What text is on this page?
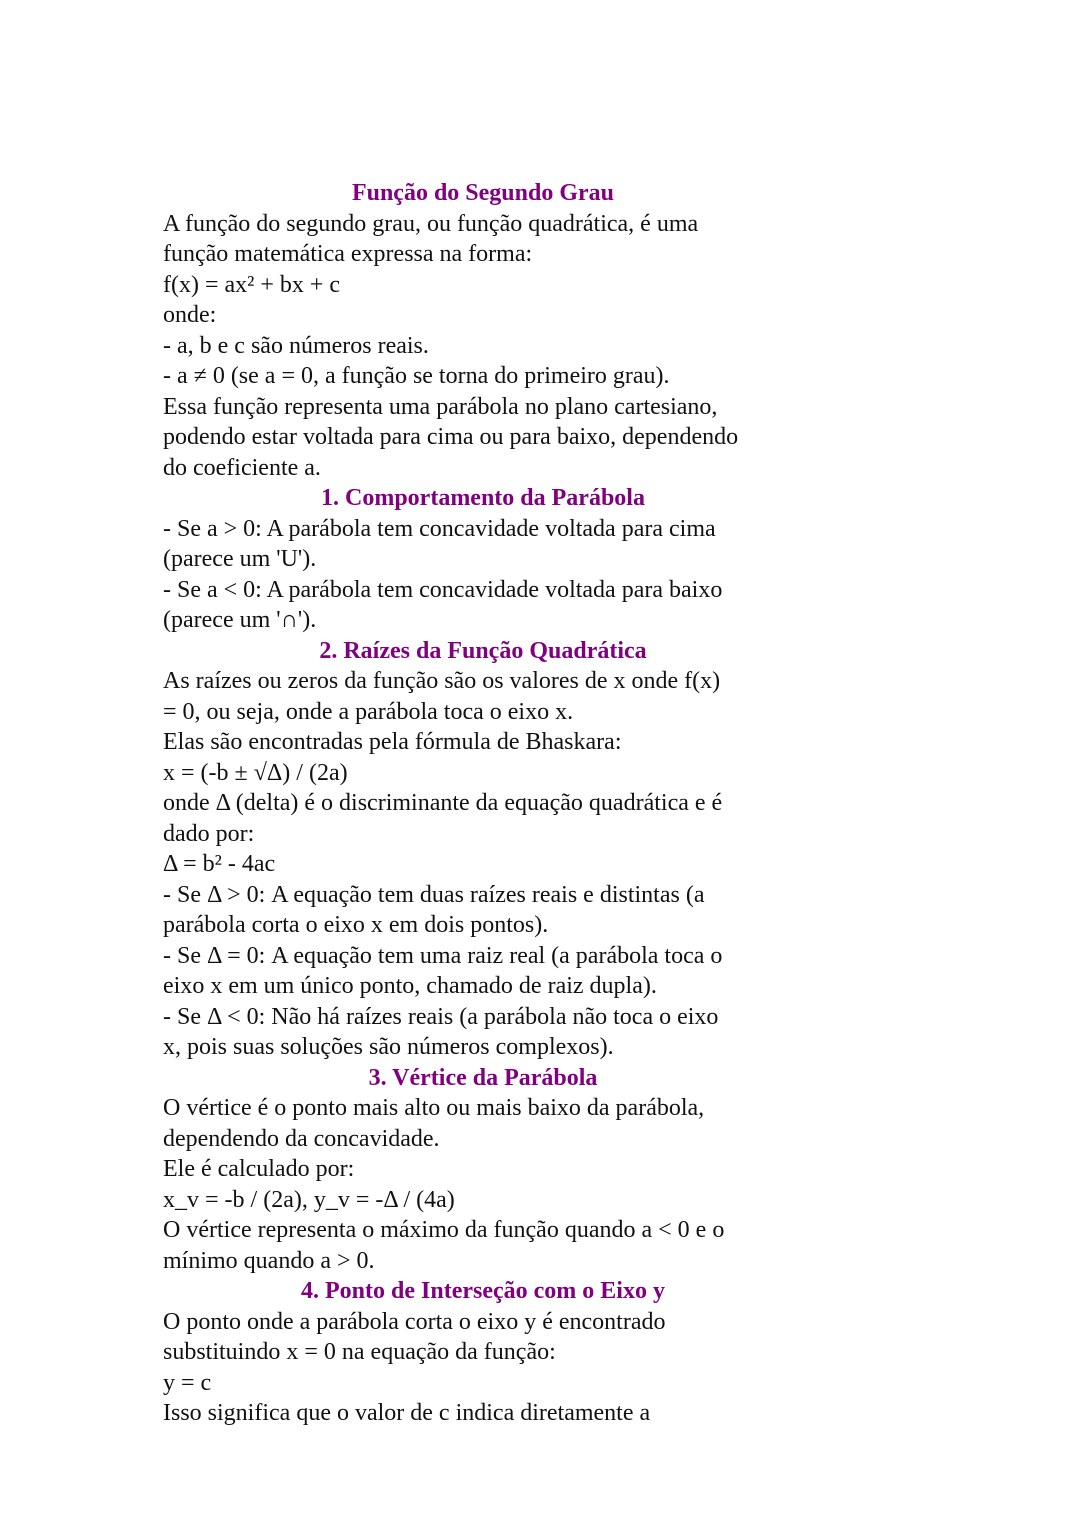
Função do Segundo Grau

A função do segundo grau, ou função quadrática, é uma

função matemática expressa na forma:

f(x) = ax² + bx + c

onde:

- a, b e c são números reais.

- a ≠ 0 (se a = 0, a função se torna do primeiro grau).

Essa função representa uma parábola no plano cartesiano,

podendo estar voltada para cima ou para baixo, dependendo

do coeficiente a.

1. Comportamento da Parábola

- Se a > 0: A parábola tem concavidade voltada para cima

(parece um 'U').

- Se a < 0: A parábola tem concavidade voltada para baixo

(parece um '∩').

2. Raízes da Função Quadrática

As raízes ou zeros da função são os valores de x onde f(x)

= 0, ou seja, onde a parábola toca o eixo x.

Elas são encontradas pela fórmula de Bhaskara:

x = (-b ± √Δ) / (2a)

onde Δ (delta) é o discriminante da equação quadrática e é

dado por:

Δ = b² - 4ac

- Se Δ > 0: A equação tem duas raízes reais e distintas (a

parábola corta o eixo x em dois pontos).

- Se Δ = 0: A equação tem uma raiz real (a parábola toca o

eixo x em um único ponto, chamado de raiz dupla).

- Se Δ < 0: Não há raízes reais (a parábola não toca o eixo

x, pois suas soluções são números complexos).

3. Vértice da Parábola

O vértice é o ponto mais alto ou mais baixo da parábola,

dependendo da concavidade.

Ele é calculado por:

x_v = -b / (2a), y_v = -Δ / (4a)

O vértice representa o máximo da função quando a < 0 e o

mínimo quando a > 0.

4. Ponto de Interseção com o Eixo y

O ponto onde a parábola corta o eixo y é encontrado

substituindo x = 0 na equação da função:

y = c

Isso significa que o valor de c indica diretamente a
